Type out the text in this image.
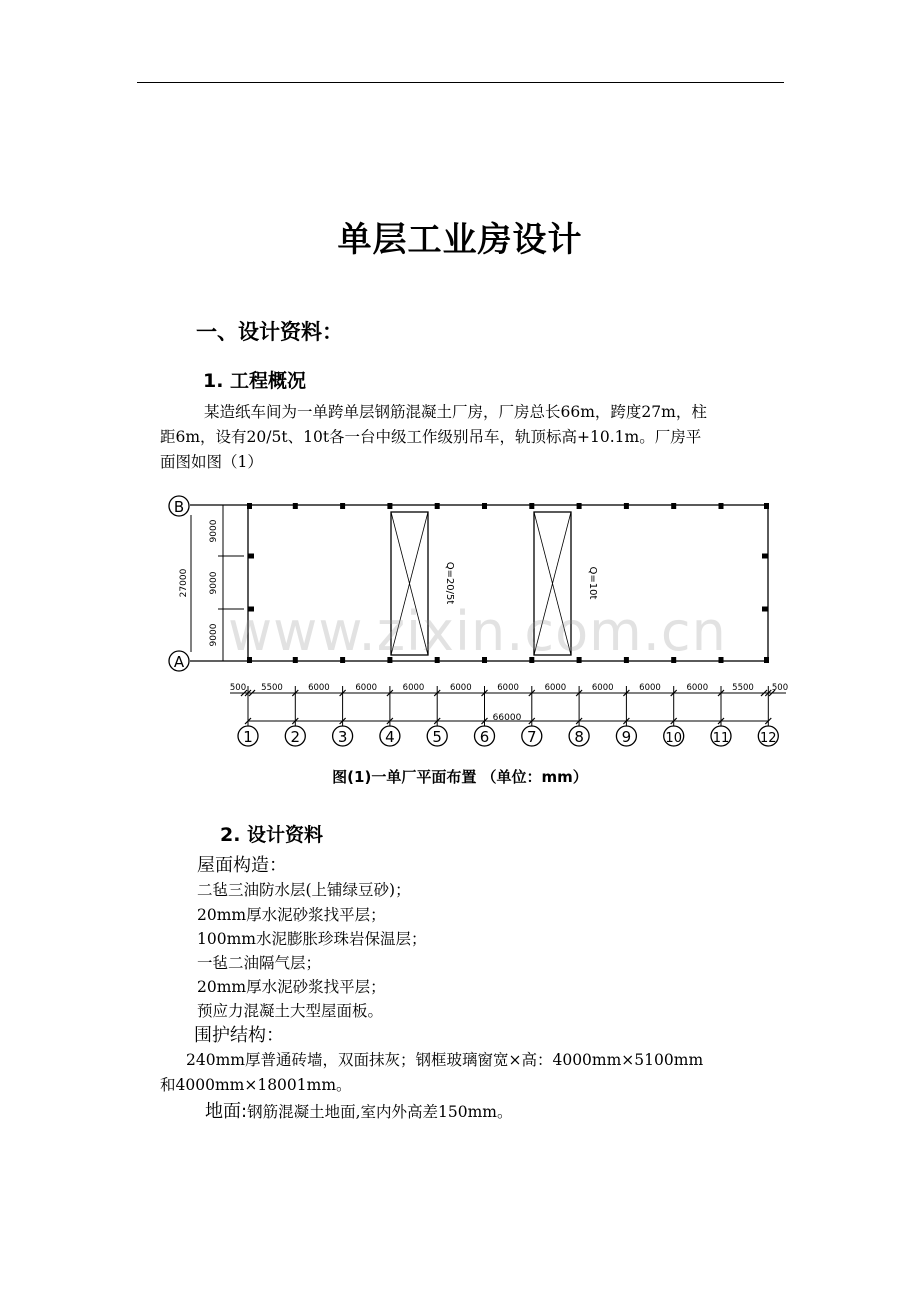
单层工业房设计
一、设计资料：
1. 工程概况
某造纸车间为一单跨单层钢筋混凝土厂房，厂房总长66m，跨度27m，柱
距6m，设有20/5t、10t各一台中级工作级别吊车，轨顶标高+10.1m。厂房平
面图如图（1）
1	2	3	4	5	6	7	8	9	10 11 12
500 5500	6000	6000	6000	6000	6000	6000	6000	6000	6000	5500 500
B
A
9000
9000
9000
27000	Q=20/5t	Q=10t
66000
www.zixin.com.cn
图(1)一单厂平面布置 （单位：mm）
2. 设计资料
屋面构造：
二毡三油防水层(上铺绿豆砂)；
20mm厚水泥砂浆找平层；
100mm水泥膨胀珍珠岩保温层；
一毡二油隔气层；
20mm厚水泥砂浆找平层；
预应力混凝土大型屋面板。
围护结构：
240mm厚普通砖墙，双面抹灰；钢框玻璃窗宽×高：4000mm×5100mm
和4000mm×18001mm。
地面:钢筋混凝土地面,室内外高差150mm。
